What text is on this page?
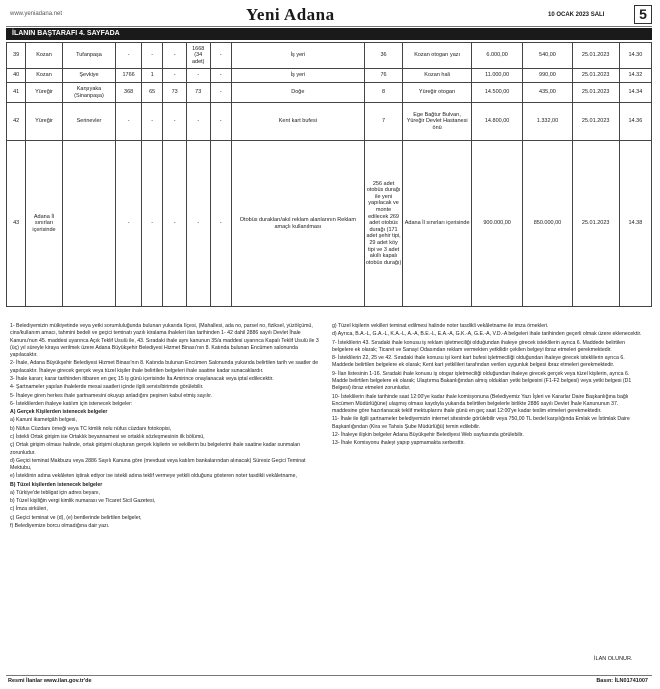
www.yeniadana.net	Yeni Adana	10 OCAK 2023 SALI	5
İLANIN BAŞTARAFI 4. SAYFADA
39	Kozan	Tufanpaşa	-	-	-	1668 (34 adet)	-	İş yeri	36	Kozan otogarı yazı	6.000,00	540,00	25.01.2023	14.30
40	Kozan	Şevkiye	1766	1	-	-	-	İş yeri	76	Kozan hali	11.000,00	990,00	25.01.2023	14.32
41	Yüreğir	Karşıyaka (Sinanpaşa)	368	65	73	73	-	Doğe	8	Yüreğir otogarı	14.500,00	435,00	25.01.2023	14.34
42	Yüreğir	Serinevler	-	-	-	-	-	Kent kart bufesi	7	Ege Bağtur Bulvarı, Yüreğir Devlet Hastanesi önü	14.800,00	1.332,00	25.01.2023	14.36
43	Adana İl sınırları içerisinde		-	-	-	-	-	Otobüs durakları/akıl reklam alanlarının Reklam amaçlı kullanılması	256 adet otobüs durağı ile yeni yapılacak ve monte edilecek 269 adet otobüs durağı (171 adet şehir tipi, 29 adet köy tipi ve 3 adet akıllı kapalı otobüs durağı)	Adana İl sınırları içerisinde	900.000,00	850.000,00	25.01.2023	14.38

1- Belediyemizin mülkiyetinde veya yetki sorumluluğunda bulunan yukarıda İlçesi, (Mahallesi, ada no, parsel no, fiziksel, yüzölçümü, cins/kullanım amacı, tahmini bedeli ve geçici teminatı yazılı kiralama ihaleleri ilan tarihinden 1- 42 dahil 2886 sayılı Devlet İhale Kanunu'nun 45. maddesi uyarınca Açık Teklif Usulü ile, 43. Sıradaki ihale aynı kanunun 35/a maddesi uyarınca Kapalı Teklif Usulü ile 3 (üç) yıl süreyle kiraya verilmek üzere Adana Büyükşehir Belediyesi Hizmet Binası'nın 8. Katında bulunan Encümen salonunda yapılacaktır.

2- İhale, Adana Büyükşehir Belediyesi Hizmet Binası'nın 8. Katında bulunan Encümen Salonunda yukarıda belirtilen tarih ve saatler de yapılacaktır. İhaleye girecek gerçek veya tüzel kişiler ihale belirtilen belgeleri ihale saatine kadar sunacaklardır.

3- İhale kararı; karar tarihinden itibaren en geç 15 iş günü içerisinde İta Amirince onaylanacak veya iptal edilecektir.

4- Şartnameler yapılan ihalelerde mesai saatleri içinde ilgili servis/birimde görülebilir.

5- İhaleye giren herkes ihale şartnamesini okuyup anladığını peşinen kabul etmiş sayılır.

6- İsteklilerden ihaleye katılım için istenecek belgeler:

A) Gerçek Kişilerden istenecek belgeler

a) Kanuni ikametgâh belgesi,

b) Nüfus Cüzdanı örneği veya TC kimlik nolu nüfus cüzdanı fotokopisi,

c) İstekli Ortak girişim ise Ortaklık beyannamesi ve ortaklık sözleşmesinin ilk bölümü,

ç) Ortak girişim olması halinde, ortak girişimi oluşturan gerçek kişilerin ve vekillerin bu belgelerini ihale saatine kadar sunmaları zorunludur.

d) Geçici teminat Makbuzu veya 2886 Sayılı Kanuna göre (mevduat veya katılım bankalarından alınacak) Süresiz Geçici Teminat Mektubu,

e) İsteklinin adına vekâleten iştirak ediyor ise istekli adına teklif vermeye yetkili olduğunu gösteren noter tasdikli vekâletname,

B) Tüzel kişilerden istenecek belgeler

a) Türkiye'de tebligat için adres beyanı,

b) Tüzel kişiliğin vergi kimlik numarası ve Ticaret Sicil Gazetesi,

c) İmza sirküleri,

ç) Geçici teminat ve (d), (e) bentlerinde belirtilen belgeler,

f) Belediyemize borcu olmadığına dair yazı.

g) Tüzel kişilerin vekilleri teminat edilmesi halinde noter tasdikli vekâletname ile imza örnekleri.

d) Ayrıca, B.A.-L, G.A.-L, K.A.-L, A.-A, B.E.-L, E.A.-A, G.K.-A, G.E.-A, V.D.-A belgeleri ihale tarihinden geçerli olmak üzere eklenecektir.

7- İsteklilerin 43. Sıradaki ihale konusu iş reklam işletmeciliği olduğundan ihaleye girecek isteklilerin ayrıca 6. Maddede belirtilen belgelere ek olarak; Ticaret ve Sanayi Odasından reklam vermekten yetkilidir çekilen belgeyi ibraz etmeleri gerekmektedir.

8- İsteklilerin 22, 25 ve 42. Sıradaki ihale konusu işi kent kart bufesi işletmeciliği olduğundan ihaleye girecek isteklilerin ayrıca 6. Maddede belirtilen belgelere ek olarak; Kent kart yetkilileri tarafından verilen uygunluk belgesi ibraz etmeleri gerekmektedir.

9- İlan listesinin 1-16. Sıradaki ihale konusu iş otogar işletmeciliği olduğundan ihaleye girecek gerçek veya tüzel kişilerin, ayrıca 6. Madde belirtilen belgelere ek olarak; Ulaştırma Bakanlığından almış oldukları yetki belgesini (F1-F2 belgesi) veya yetki belgesi (D1 Belgesi) ibraz etmeleri zorunludur.

10- İsteklilerin ihale tarihinde saat 12:00'ye kadar ihale komisyonuna (Belediyemiz Yazı İşleri ve Kararlar Daire Başkanlığına bağlı Encümen Müdürlüğüne) ulaşmış olması kaydıyla yukarıda belirtilen belgelerle birlikte 2886 sayılı Devlet İhale Kanununun 37. maddesine göre hazırlanacak teklif mektuplarını ihale günü en geç saat 12:00'ye kadar teslim etmeleri gerekmektedir.

11- İhale ile ilgili şartnameler belediyemizin internet sitesinde görülebilir veya 750,00 TL bedel karşılığında Emlak ve İstimlak Daire Başkanlığından (Kira ve Tahsis Şube Müdürlüğü) temin edilebilir.

12- İhaleye ilişkin belgeler Adana Büyükşehir Belediyesi Web sayfasında görülebilir.

13- İhale Komisyonu ihaleyi yapıp yapmamakta serbesttir.

İLAN OLUNUR.
Resmi İlanlar www.ilan.gov.tr'de	Basın: İLN01741007
